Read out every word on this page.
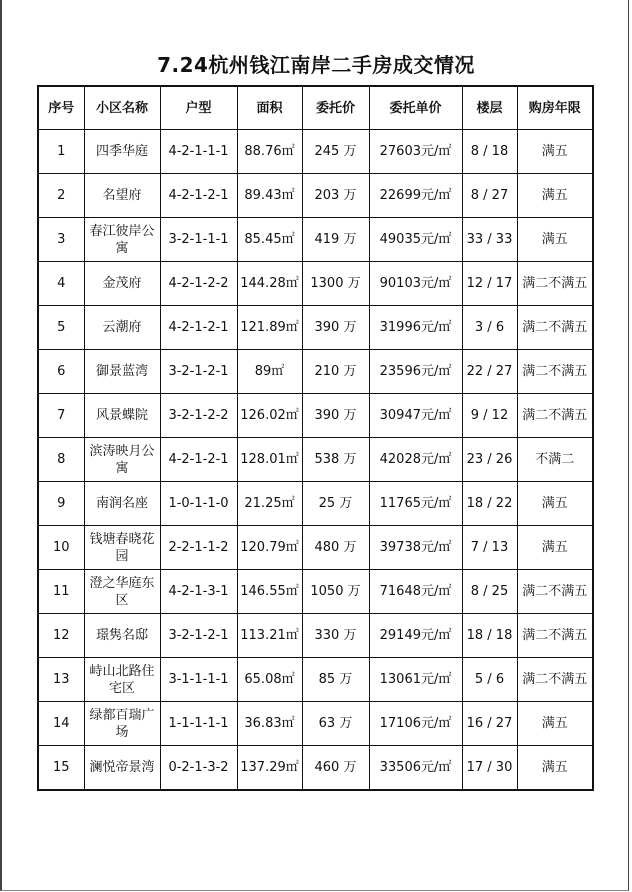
7.24杭州钱江南岸二手房成交情况
序号	小区名称	户型	面积	委托价	委托单价	楼层	购房年限
1	四季华庭	4-2-1-1-1	88.76㎡	245 万	27603元/㎡	8 / 18	满五
2	名望府	4-2-1-2-1	89.43㎡	203 万	22699元/㎡	8 / 27	满五
3	春江彼岸公寓	3-2-1-1-1	85.45㎡	419 万	49035元/㎡	33 / 33	满五
4	金茂府	4-2-1-2-2	144.28㎡	1300 万	90103元/㎡	12 / 17	满二不满五
5	云潮府	4-2-1-2-1	121.89㎡	390 万	31996元/㎡	3 / 6	满二不满五
6	御景蓝湾	3-2-1-2-1	89㎡	210 万	23596元/㎡	22 / 27	满二不满五
7	风景蝶院	3-2-1-2-2	126.02㎡	390 万	30947元/㎡	9 / 12	满二不满五
8	滨涛映月公寓	4-2-1-2-1	128.01㎡	538 万	42028元/㎡	23 / 26	不满二
9	南润名座	1-0-1-1-0	21.25㎡	25 万	11765元/㎡	18 / 22	满五
10	钱塘春晓花园	2-2-1-1-2	120.79㎡	480 万	39738元/㎡	7 / 13	满五
11	澄之华庭东区	4-2-1-3-1	146.55㎡	1050 万	71648元/㎡	8 / 25	满二不满五
12	璟隽名邸	3-2-1-2-1	113.21㎡	330 万	29149元/㎡	18 / 18	满二不满五
13	峙山北路住宅区	3-1-1-1-1	65.08㎡	85 万	13061元/㎡	5 / 6	满二不满五
14	绿都百瑞广场	1-1-1-1-1	36.83㎡	63 万	17106元/㎡	16 / 27	满五
15	澜悦帝景湾	0-2-1-3-2	137.29㎡	460 万	33506元/㎡	17 / 30	满五
